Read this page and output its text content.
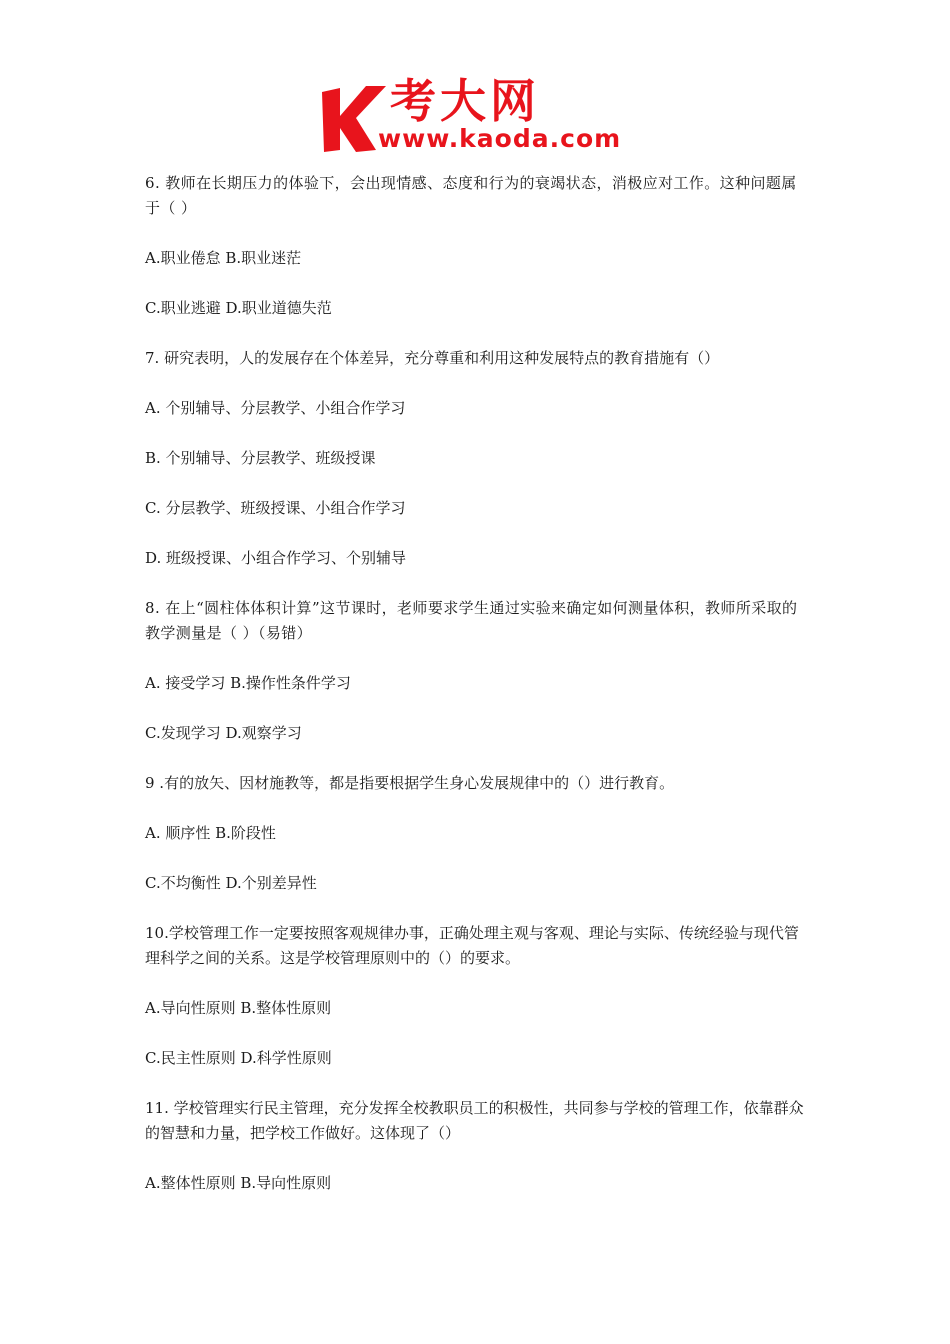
考大网
www.kaoda.com

6. 教师在长期压力的体验下，会出现情感、态度和行为的衰竭状态，消极应对工作。这种问题属于（ ）

A.职业倦怠 B.职业迷茫

C.职业逃避 D.职业道德失范

7. 研究表明，人的发展存在个体差异，充分尊重和利用这种发展特点的教育措施有（）

A. 个别辅导、分层教学、小组合作学习

B. 个别辅导、分层教学、班级授课

C. 分层教学、班级授课、小组合作学习

D. 班级授课、小组合作学习、个别辅导

8. 在上“圆柱体体积计算”这节课时，老师要求学生通过实验来确定如何测量体积，教师所采取的教学测量是（ ）（易错）

A. 接受学习 B.操作性条件学习

C.发现学习 D.观察学习

9 .有的放矢、因材施教等，都是指要根据学生身心发展规律中的（）进行教育。

A. 顺序性 B.阶段性

C.不均衡性 D.个别差异性

10.学校管理工作一定要按照客观规律办事，正确处理主观与客观、理论与实际、传统经验与现代管理科学之间的关系。这是学校管理原则中的（）的要求。

A.导向性原则 B.整体性原则

C.民主性原则 D.科学性原则

11. 学校管理实行民主管理，充分发挥全校教职员工的积极性，共同参与学校的管理工作，依靠群众的智慧和力量，把学校工作做好。这体现了（）

A.整体性原则 B.导向性原则
